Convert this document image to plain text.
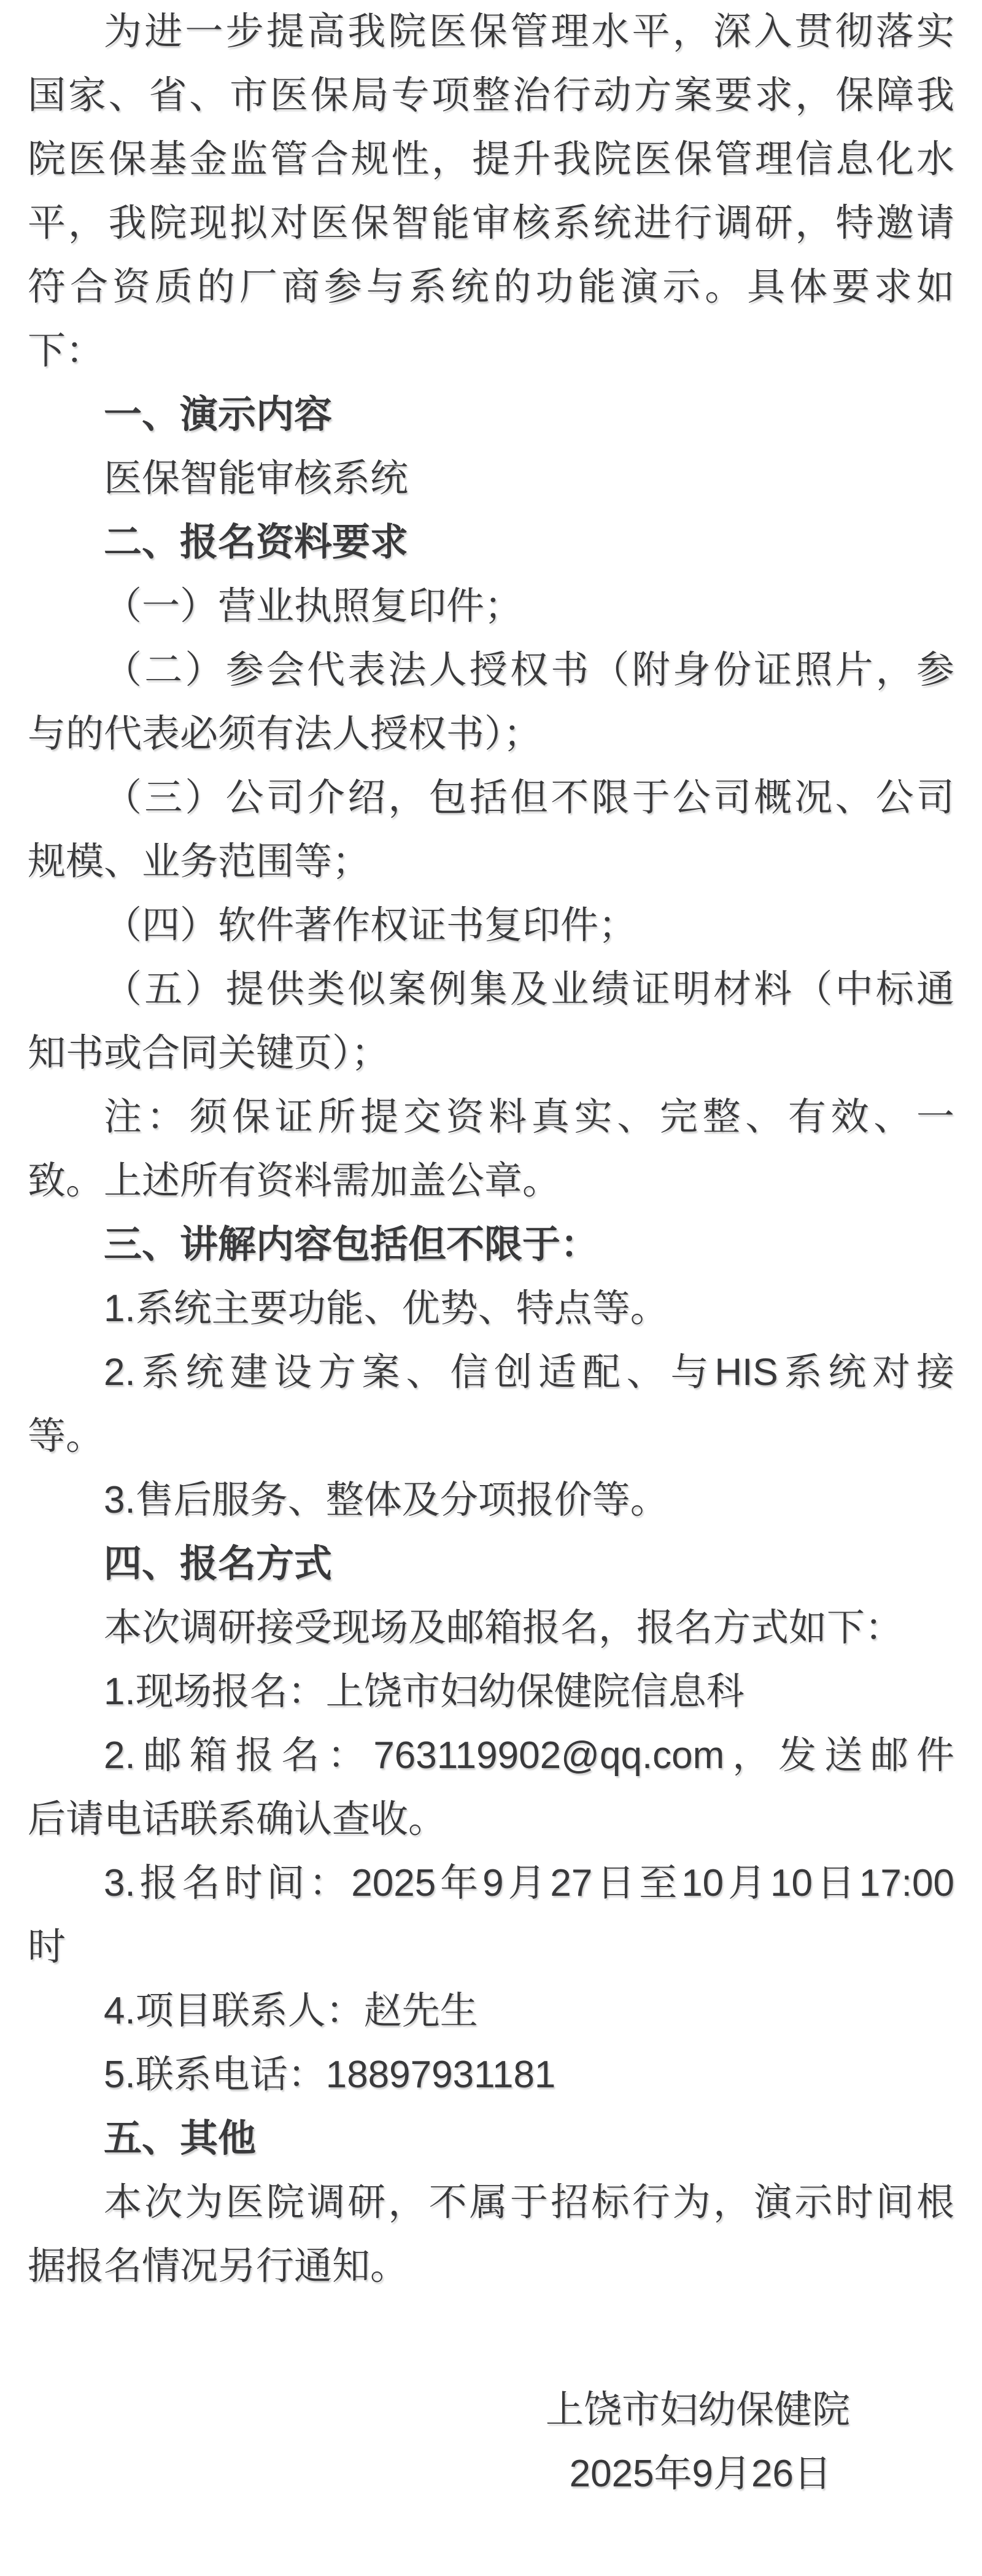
为进一步提高我院医保管理水平，深入贯彻落实
国家、省、市医保局专项整治行动方案要求，保障我
院医保基金监管合规性，提升我院医保管理信息化水
平，我院现拟对医保智能审核系统进行调研，特邀请
符合资质的厂商参与系统的功能演示。具体要求如
下：
一、演示内容
医保智能审核系统
二、报名资料要求
（一）营业执照复印件；
（二）参会代表法人授权书（附身份证照片，参
与的代表必须有法人授权书）；
（三）公司介绍，包括但不限于公司概况、公司
规模、业务范围等；
（四）软件著作权证书复印件；
（五）提供类似案例集及业绩证明材料（中标通
知书或合同关键页）；
注：须保证所提交资料真实、完整、有效、一
致。上述所有资料需加盖公章。
三、讲解内容包括但不限于：
1.系统主要功能、优势、特点等。
2.系统建设方案、信创适配、与HIS系统对接
等。
3.售后服务、整体及分项报价等。
四、报名方式
本次调研接受现场及邮箱报名，报名方式如下：
1.现场报名：上饶市妇幼保健院信息科
2.邮箱报名：763119902@qq.com，发送邮件
后请电话联系确认查收。
3.报名时间：2025年9月27日至10月10日17:00
时
4.项目联系人：赵先生
5.联系电话：18897931181
五、其他
本次为医院调研，不属于招标行为，演示时间根
据报名情况另行通知。
上饶市妇幼保健院
2025年9月26日
